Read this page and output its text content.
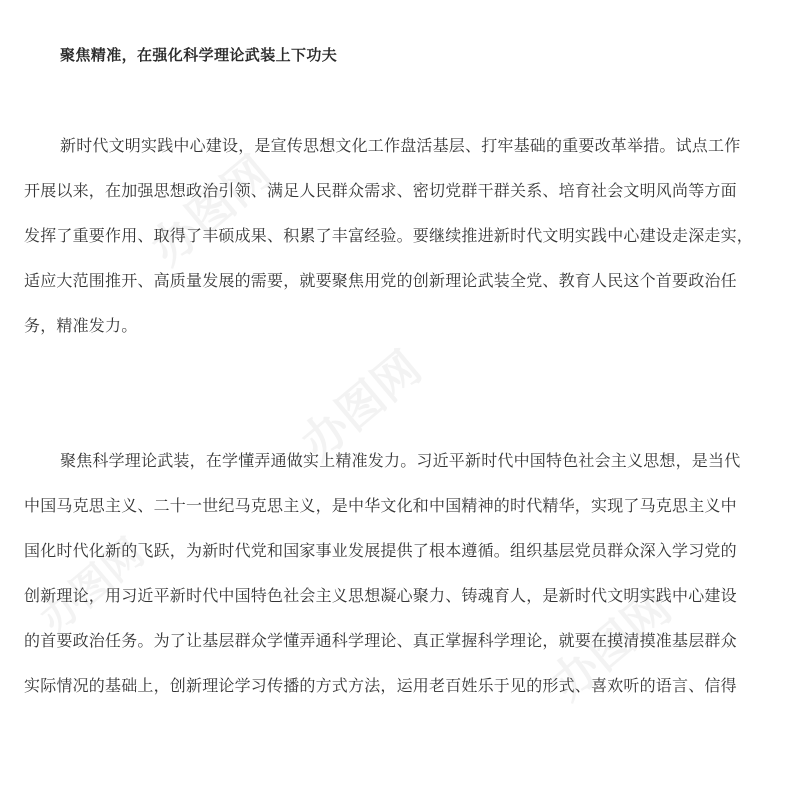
办图网
办图网
办图网
办图网
聚焦精准，在强化科学理论武装上下功夫
新时代文明实践中心建设，是宣传思想文化工作盘活基层、打牢基础的重要改革举措。试点工作
开展以来，在加强思想政治引领、满足人民群众需求、密切党群干群关系、培育社会文明风尚等方面
发挥了重要作用、取得了丰硕成果、积累了丰富经验。要继续推进新时代文明实践中心建设走深走实，
适应大范围推开、高质量发展的需要，就要聚焦用党的创新理论武装全党、教育人民这个首要政治任
务，精准发力。
聚焦科学理论武装，在学懂弄通做实上精准发力。习近平新时代中国特色社会主义思想，是当代
中国马克思主义、二十一世纪马克思主义，是中华文化和中国精神的时代精华，实现了马克思主义中
国化时代化新的飞跃，为新时代党和国家事业发展提供了根本遵循。组织基层党员群众深入学习党的
创新理论，用习近平新时代中国特色社会主义思想凝心聚力、铸魂育人，是新时代文明实践中心建设
的首要政治任务。为了让基层群众学懂弄通科学理论、真正掌握科学理论，就要在摸清摸准基层群众
实际情况的基础上，创新理论学习传播的方式方法，运用老百姓乐于见的形式、喜欢听的语言、信得
